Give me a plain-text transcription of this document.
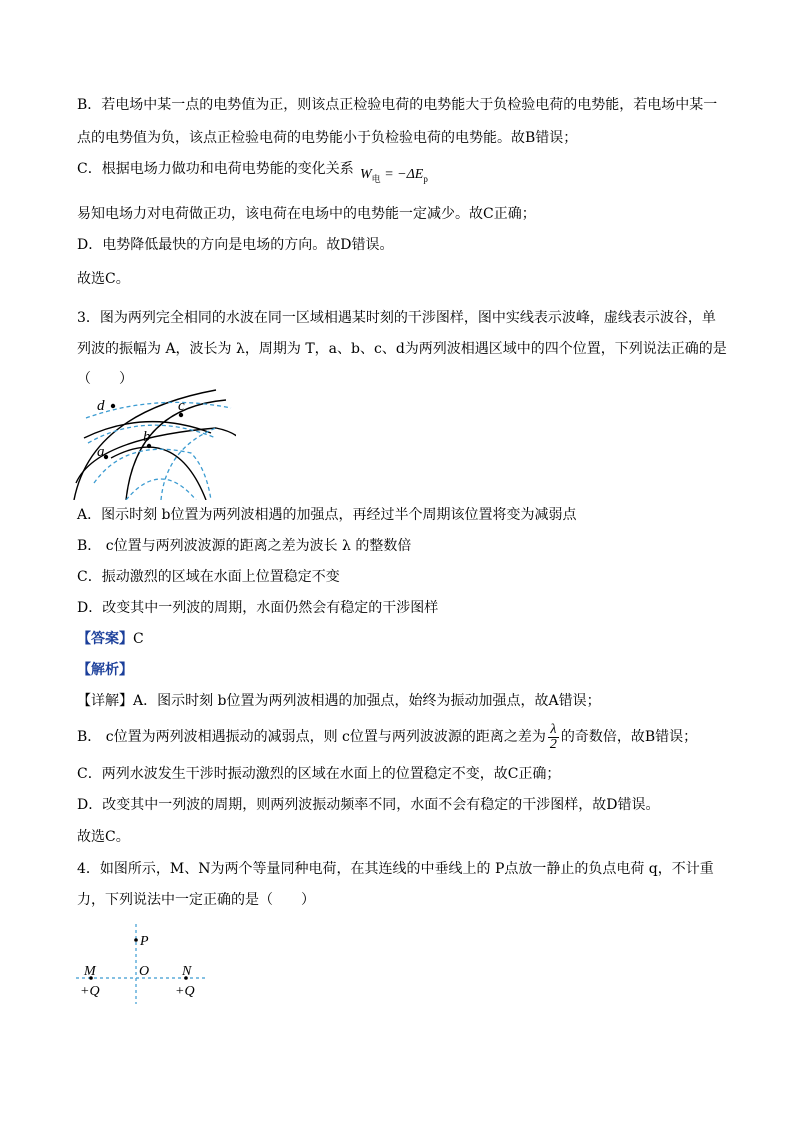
B．若电场中某一点的电势值为正，则该点正检验电荷的电势能大于负检验电荷的电势能，若电场中某一
点的电势值为负，该点正检验电荷的电势能小于负检验电荷的电势能。故B错误；
C．根据电场力做功和电荷电势能的变化关系 $W_电 = -\Delta E_p$
易知电场力对电荷做正功，该电荷在电场中的电势能一定减少。故C正确；
D．电势降低最快的方向是电场的方向。故D错误。
故选C。
3．图为两列完全相同的水波在同一区域相遇某时刻的干涉图样，图中实线表示波峰，虚线表示波谷，单
列波的振幅为 A，波长为 λ，周期为 T，a、b、c、d为两列波相遇区域中的四个位置，下列说法正确的是
（　　）
d	c
b
a
A．图示时刻 b位置为两列波相遇的加强点，再经过半个周期该位置将变为减弱点
B． c位置与两列波波源的距离之差为波长 λ 的整数倍
C．振动激烈的区域在水面上位置稳定不变
D．改变其中一列波的周期，水面仍然会有稳定的干涉图样
【答案】C
【解析】
【详解】A．图示时刻 b位置为两列波相遇的加强点，始终为振动加强点，故A错误；
B． c位置为两列波相遇振动的减弱点，则 c位置与两列波波源的距离之差为 $\frac{\lambda}{2}$ 的奇数倍，故B错误；
C．两列水波发生干涉时振动激烈的区域在水面上的位置稳定不变，故C正确；
D．改变其中一列波的周期，则两列波振动频率不同，水面不会有稳定的干涉图样，故D错误。
故选C。
4．如图所示，M、N为两个等量同种电荷，在其连线的中垂线上的 P点放一静止的负点电荷 q，不计重
力，下列说法中一定正确的是（　　）
P
O
M	N
+Q	+Q
